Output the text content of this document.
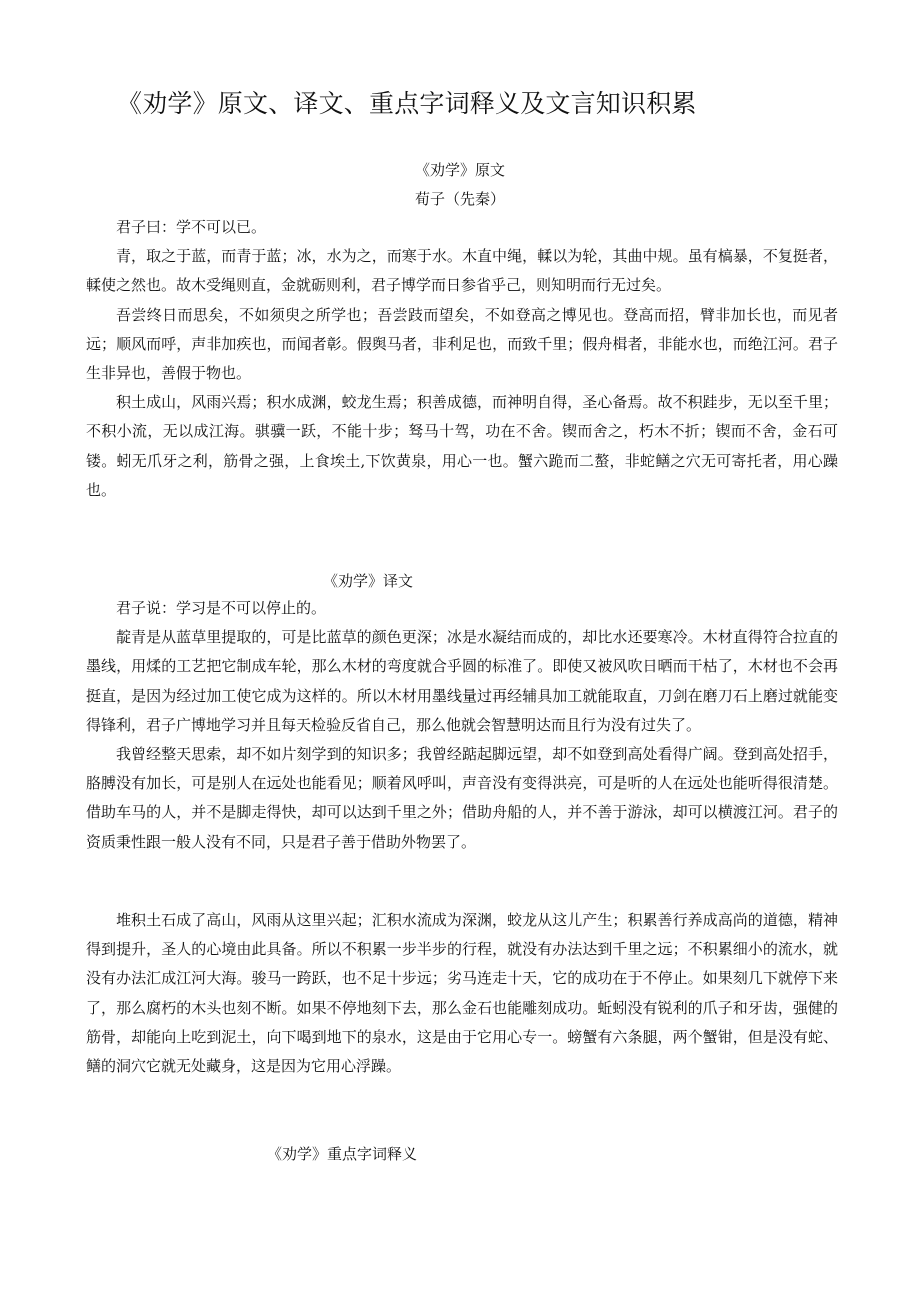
《劝学》原文、译文、重点字词释义及文言知识积累
《劝学》原文
荀子（先秦）

君子曰：学不可以已。

青，取之于蓝，而青于蓝；冰，水为之，而寒于水。木直中绳，輮以为轮，其曲中规。虽有槁暴，不复挺者，輮使之然也。故木受绳则直，金就砺则利，君子博学而日参省乎己，则知明而行无过矣。

吾尝终日而思矣，不如须臾之所学也；吾尝跂而望矣，不如登高之博见也。登高而招，臂非加长也，而见者远；顺风而呼，声非加疾也，而闻者彰。假舆马者，非利足也，而致千里；假舟楫者，非能水也，而绝江河。君子生非异也，善假于物也。

积土成山，风雨兴焉；积水成渊，蛟龙生焉；积善成德，而神明自得，圣心备焉。故不积跬步，无以至千里；不积小流，无以成江海。骐骥一跃，不能十步；驽马十驾，功在不舍。锲而舍之，朽木不折；锲而不舍，金石可镂。蚓无爪牙之利，筋骨之强，上食埃土,下饮黄泉，用心一也。蟹六跪而二螯，非蛇鳝之穴无可寄托者，用心躁也。

《劝学》译文

君子说：学习是不可以停止的。

靛青是从蓝草里提取的，可是比蓝草的颜色更深；冰是水凝结而成的，却比水还要寒冷。木材直得符合拉直的墨线，用煣的工艺把它制成车轮，那么木材的弯度就合乎圆的标准了。即使又被风吹日晒而干枯了，木材也不会再挺直，是因为经过加工使它成为这样的。所以木材用墨线量过再经辅具加工就能取直，刀剑在磨刀石上磨过就能变得锋利，君子广博地学习并且每天检验反省自己，那么他就会智慧明达而且行为没有过失了。

我曾经整天思索，却不如片刻学到的知识多；我曾经踮起脚远望，却不如登到高处看得广阔。登到高处招手，胳膊没有加长，可是别人在远处也能看见；顺着风呼叫，声音没有变得洪亮，可是听的人在远处也能听得很清楚。借助车马的人，并不是脚走得快，却可以达到千里之外；借助舟船的人，并不善于游泳，却可以横渡江河。君子的资质秉性跟一般人没有不同，只是君子善于借助外物罢了。

堆积土石成了高山，风雨从这里兴起；汇积水流成为深渊，蛟龙从这儿产生；积累善行养成高尚的道德，精神得到提升，圣人的心境由此具备。所以不积累一步半步的行程，就没有办法达到千里之远；不积累细小的流水，就没有办法汇成江河大海。骏马一跨跃，也不足十步远；劣马连走十天，它的成功在于不停止。如果刻几下就停下来了，那么腐朽的木头也刻不断。如果不停地刻下去，那么金石也能雕刻成功。蚯蚓没有锐利的爪子和牙齿，强健的筋骨，却能向上吃到泥土，向下喝到地下的泉水，这是由于它用心专一。螃蟹有六条腿，两个蟹钳，但是没有蛇、鳝的洞穴它就无处藏身，这是因为它用心浮躁。

《劝学》重点字词释义
